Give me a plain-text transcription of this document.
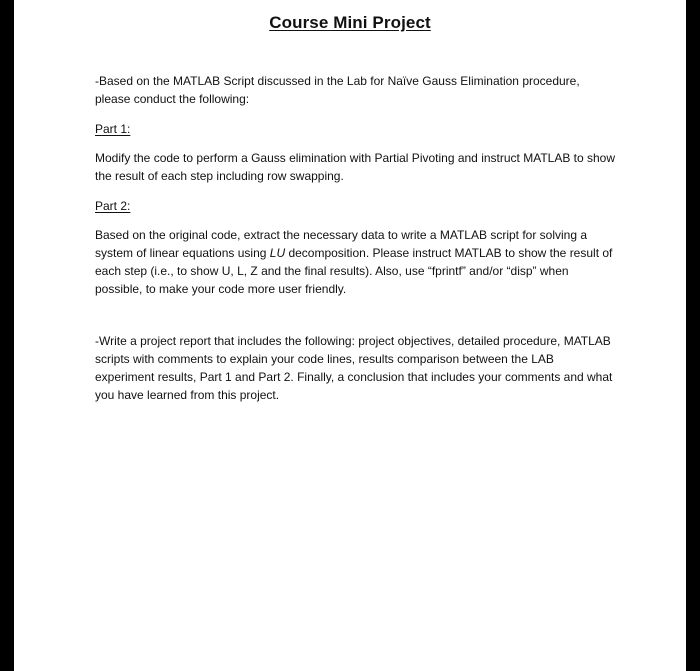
Course Mini Project

-Based on the MATLAB Script discussed in the Lab for Naïve Gauss Elimination procedure, please conduct the following:

Part 1:

Modify the code to perform a Gauss elimination with Partial Pivoting and instruct MATLAB to show the result of each step including row swapping.

Part 2:

Based on the original code, extract the necessary data to write a MATLAB script for solving a system of linear equations using LU decomposition. Please instruct MATLAB to show the result of each step (i.e., to show U, L, Z and the final results). Also, use “fprintf” and/or “disp” when possible, to make your code more user friendly.

-Write a project report that includes the following: project objectives, detailed procedure, MATLAB scripts with comments to explain your code lines, results comparison between the LAB experiment results, Part 1 and Part 2. Finally, a conclusion that includes your comments and what you have learned from this project.
